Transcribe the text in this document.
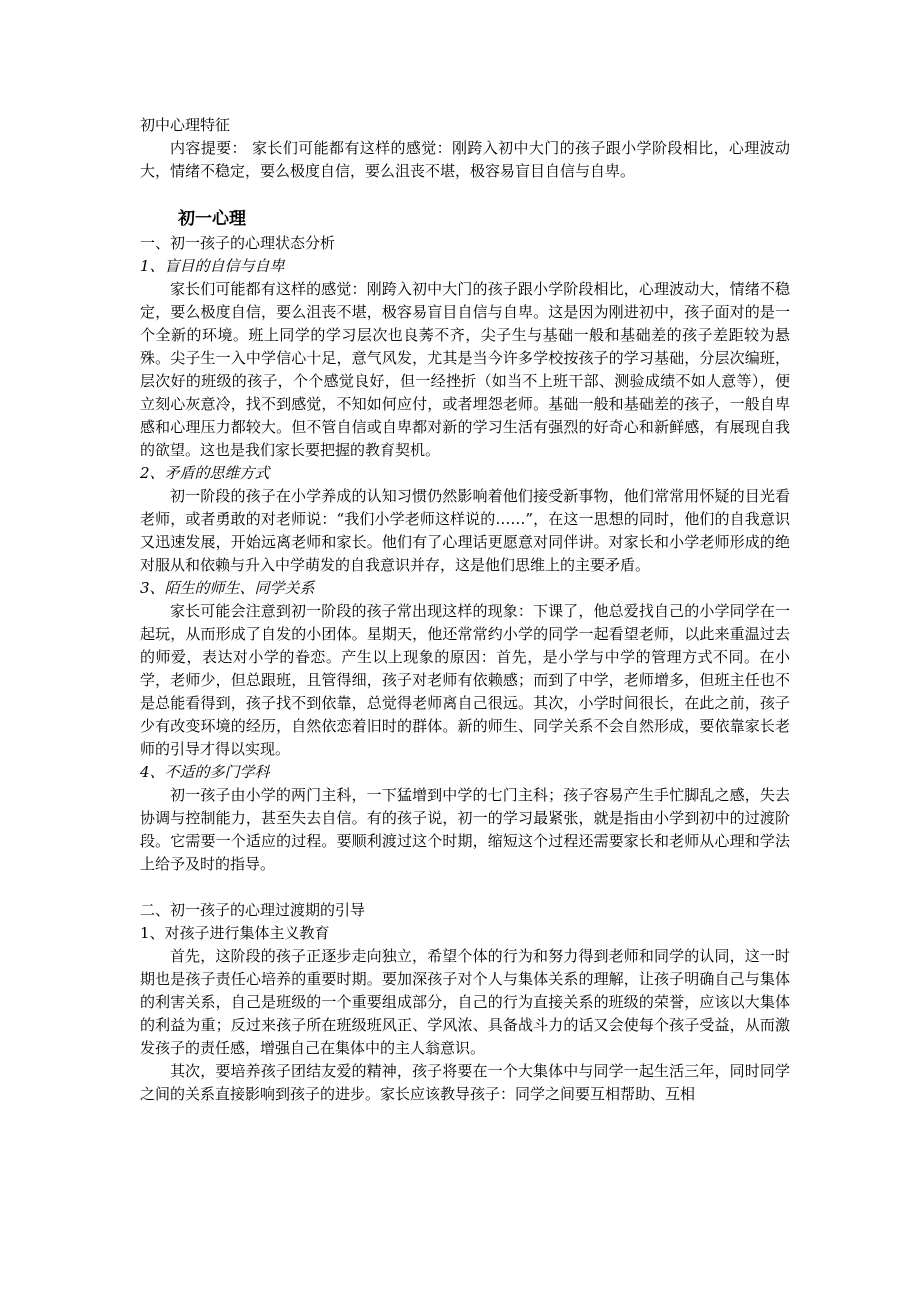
初中心理特征

内容提要： 家长们可能都有这样的感觉：刚跨入初中大门的孩子跟小学阶段相比，心理波动大，情绪不稳定，要么极度自信，要么沮丧不堪，极容易盲目自信与自卑。

初一心理

一、初一孩子的心理状态分析

1、盲目的自信与自卑

家长们可能都有这样的感觉：刚跨入初中大门的孩子跟小学阶段相比，心理波动大，情绪不稳定，要么极度自信，要么沮丧不堪，极容易盲目自信与自卑。这是因为刚进初中，孩子面对的是一个全新的环境。班上同学的学习层次也良莠不齐，尖子生与基础一般和基础差的孩子差距较为悬殊。尖子生一入中学信心十足，意气风发，尤其是当今许多学校按孩子的学习基础，分层次编班，层次好的班级的孩子，个个感觉良好，但一经挫折（如当不上班干部、测验成绩不如人意等），便立刻心灰意冷，找不到感觉，不知如何应付，或者埋怨老师。基础一般和基础差的孩子，一般自卑感和心理压力都较大。但不管自信或自卑都对新的学习生活有强烈的好奇心和新鲜感，有展现自我的欲望。这也是我们家长要把握的教育契机。

2、矛盾的思维方式

初一阶段的孩子在小学养成的认知习惯仍然影响着他们接受新事物，他们常常用怀疑的目光看老师，或者勇敢的对老师说：“我们小学老师这样说的……”，在这一思想的同时，他们的自我意识又迅速发展，开始远离老师和家长。他们有了心理话更愿意对同伴讲。对家长和小学老师形成的绝对服从和依赖与升入中学萌发的自我意识并存，这是他们思维上的主要矛盾。

3、陌生的师生、同学关系

家长可能会注意到初一阶段的孩子常出现这样的现象：下课了，他总爱找自己的小学同学在一起玩，从而形成了自发的小团体。星期天，他还常常约小学的同学一起看望老师，以此来重温过去的师爱，表达对小学的眷恋。产生以上现象的原因：首先，是小学与中学的管理方式不同。在小学，老师少，但总跟班，且管得细，孩子对老师有依赖感；而到了中学，老师增多，但班主任也不是总能看得到，孩子找不到依靠，总觉得老师离自己很远。其次，小学时间很长，在此之前，孩子少有改变环境的经历，自然依恋着旧时的群体。新的师生、同学关系不会自然形成，要依靠家长老师的引导才得以实现。

4、不适的多门学科

初一孩子由小学的两门主科，一下猛增到中学的七门主科；孩子容易产生手忙脚乱之感，失去协调与控制能力，甚至失去自信。有的孩子说，初一的学习最紧张，就是指由小学到初中的过渡阶段。它需要一个适应的过程。要顺利渡过这个时期，缩短这个过程还需要家长和老师从心理和学法上给予及时的指导。

二、初一孩子的心理过渡期的引导

1、对孩子进行集体主义教育

首先，这阶段的孩子正逐步走向独立，希望个体的行为和努力得到老师和同学的认同，这一时期也是孩子责任心培养的重要时期。要加深孩子对个人与集体关系的理解，让孩子明确自己与集体的利害关系，自己是班级的一个重要组成部分，自己的行为直接关系的班级的荣誉，应该以大集体的利益为重；反过来孩子所在班级班风正、学风浓、具备战斗力的话又会使每个孩子受益，从而激发孩子的责任感，增强自己在集体中的主人翁意识。

其次，要培养孩子团结友爱的精神，孩子将要在一个大集体中与同学一起生活三年，同时同学之间的关系直接影响到孩子的进步。家长应该教导孩子：同学之间要互相帮助、互相
